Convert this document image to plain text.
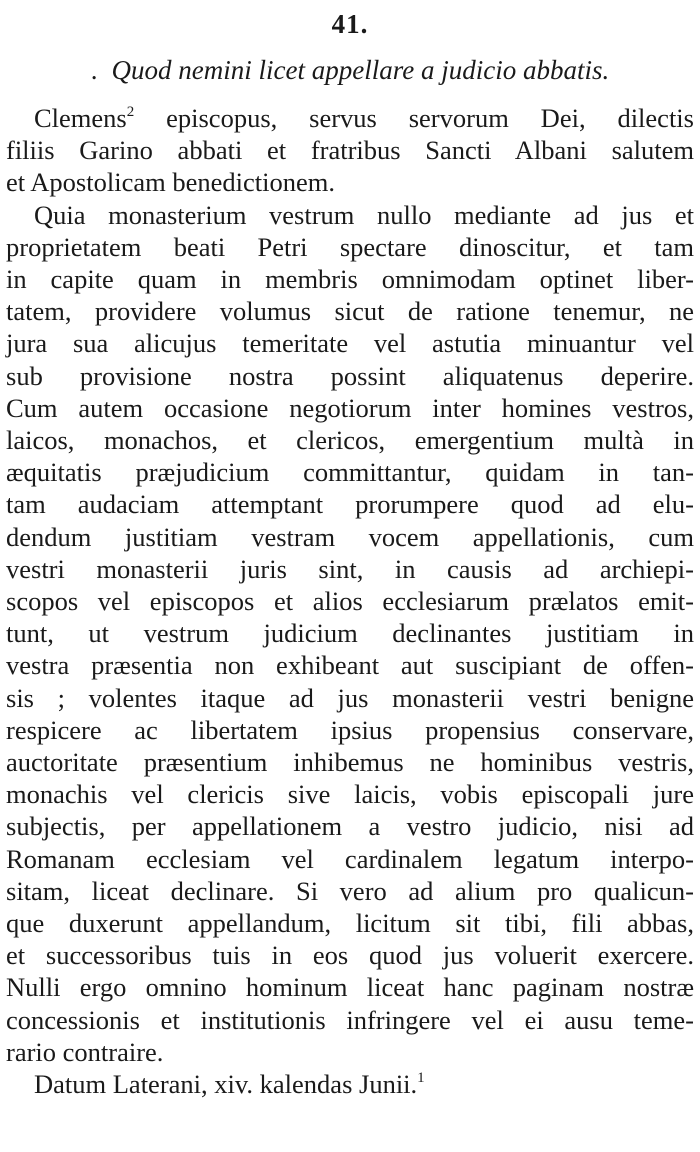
41.
. Quod nemini licet appellare a judicio abbatis.
Clemens$^2$ episcopus, servus servorum Dei, dilectis
filiis Garino abbati et fratribus Sancti Albani salutem
et Apostolicam benedictionem.
Quia monasterium vestrum nullo mediante ad jus et
proprietatem beati Petri spectare dinoscitur, et tam
in capite quam in membris omnimodam optinet liber-
tatem, providere volumus sicut de ratione tenemur, ne
jura sua alicujus temeritate vel astutia minuantur vel
sub provisione nostra possint aliquatenus deperire.
Cum autem occasione negotiorum inter homines vestros,
laicos, monachos, et clericos, emergentium multà in
æquitatis præjudicium committantur, quidam in tan-
tam audaciam attemptant prorumpere quod ad elu-
dendum justitiam vestram vocem appellationis, cum
vestri monasterii juris sint, in causis ad archiepi-
scopos vel episcopos et alios ecclesiarum prælatos emit-
tunt, ut vestrum judicium declinantes justitiam in
vestra præsentia non exhibeant aut suscipiant de offen-
sis ; volentes itaque ad jus monasterii vestri benigne
respicere ac libertatem ipsius propensius conservare,
auctoritate præsentium inhibemus ne hominibus vestris,
monachis vel clericis sive laicis, vobis episcopali jure
subjectis, per appellationem a vestro judicio, nisi ad
Romanam ecclesiam vel cardinalem legatum interpo-
sitam, liceat declinare. Si vero ad alium pro qualicun-
que duxerunt appellandum, licitum sit tibi, fili abbas,
et successoribus tuis in eos quod jus voluerit exercere.
Nulli ergo omnino hominum liceat hanc paginam nostræ
concessionis et institutionis infringere vel ei ausu teme-
rario contraire.
Datum Laterani, xiv. kalendas Junii.$^1$
